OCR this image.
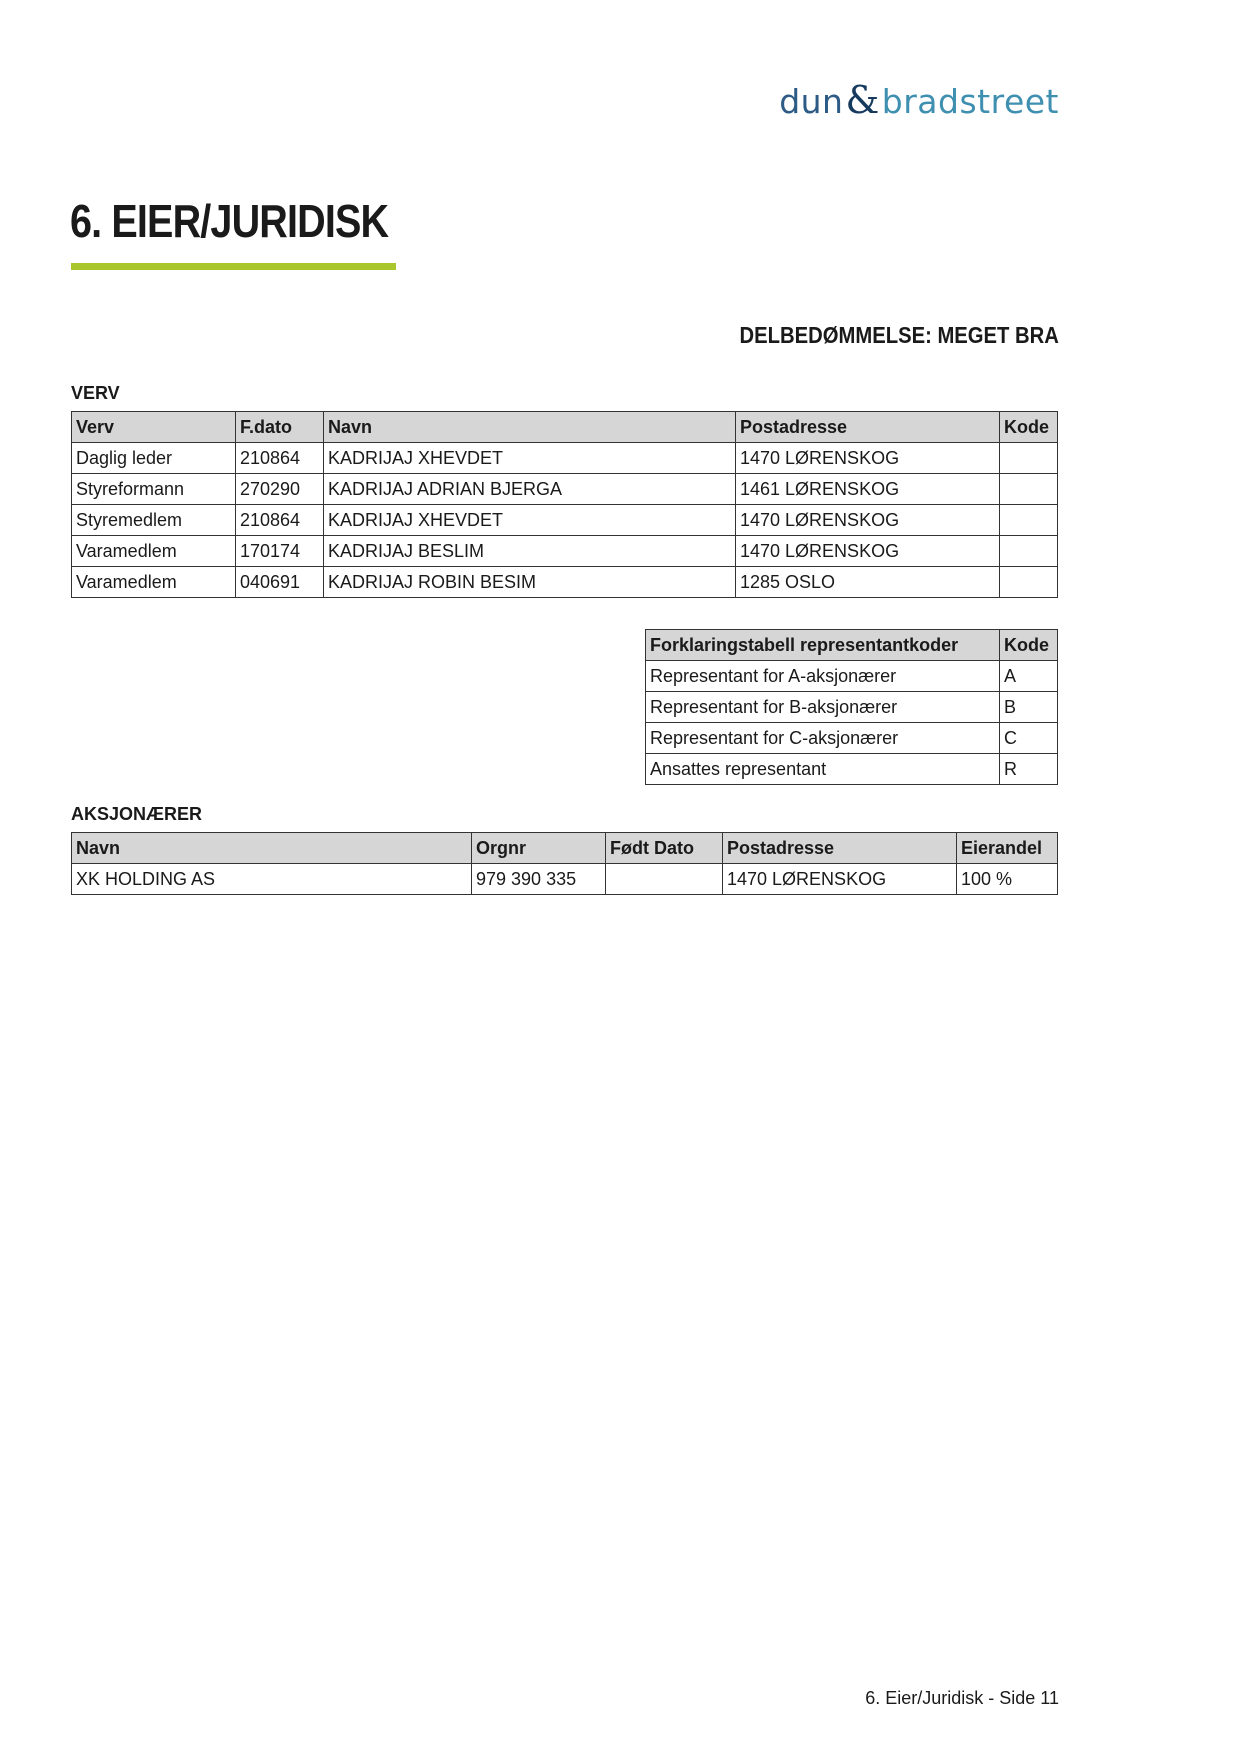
dun&bradstreet
6. EIER/JURIDISK
DELBEDØMMELSE: MEGET BRA
VERV
Verv	F.dato	Navn	Postadresse	Kode
Daglig leder	210864	KADRIJAJ XHEVDET	1470 LØRENSKOG	
Styreformann	270290	KADRIJAJ ADRIAN BJERGA	1461 LØRENSKOG	
Styremedlem	210864	KADRIJAJ XHEVDET	1470 LØRENSKOG	
Varamedlem	170174	KADRIJAJ BESLIM	1470 LØRENSKOG	
Varamedlem	040691	KADRIJAJ ROBIN BESIM	1285 OSLO	
Forklaringstabell representantkoder	Kode
Representant for A-aksjonærer	A
Representant for B-aksjonærer	B
Representant for C-aksjonærer	C
Ansattes representant	R
AKSJONÆRER
Navn	Orgnr	Født Dato	Postadresse	Eierandel
XK HOLDING AS	979 390 335		1470 LØRENSKOG	100 %
6. Eier/Juridisk - Side 11
